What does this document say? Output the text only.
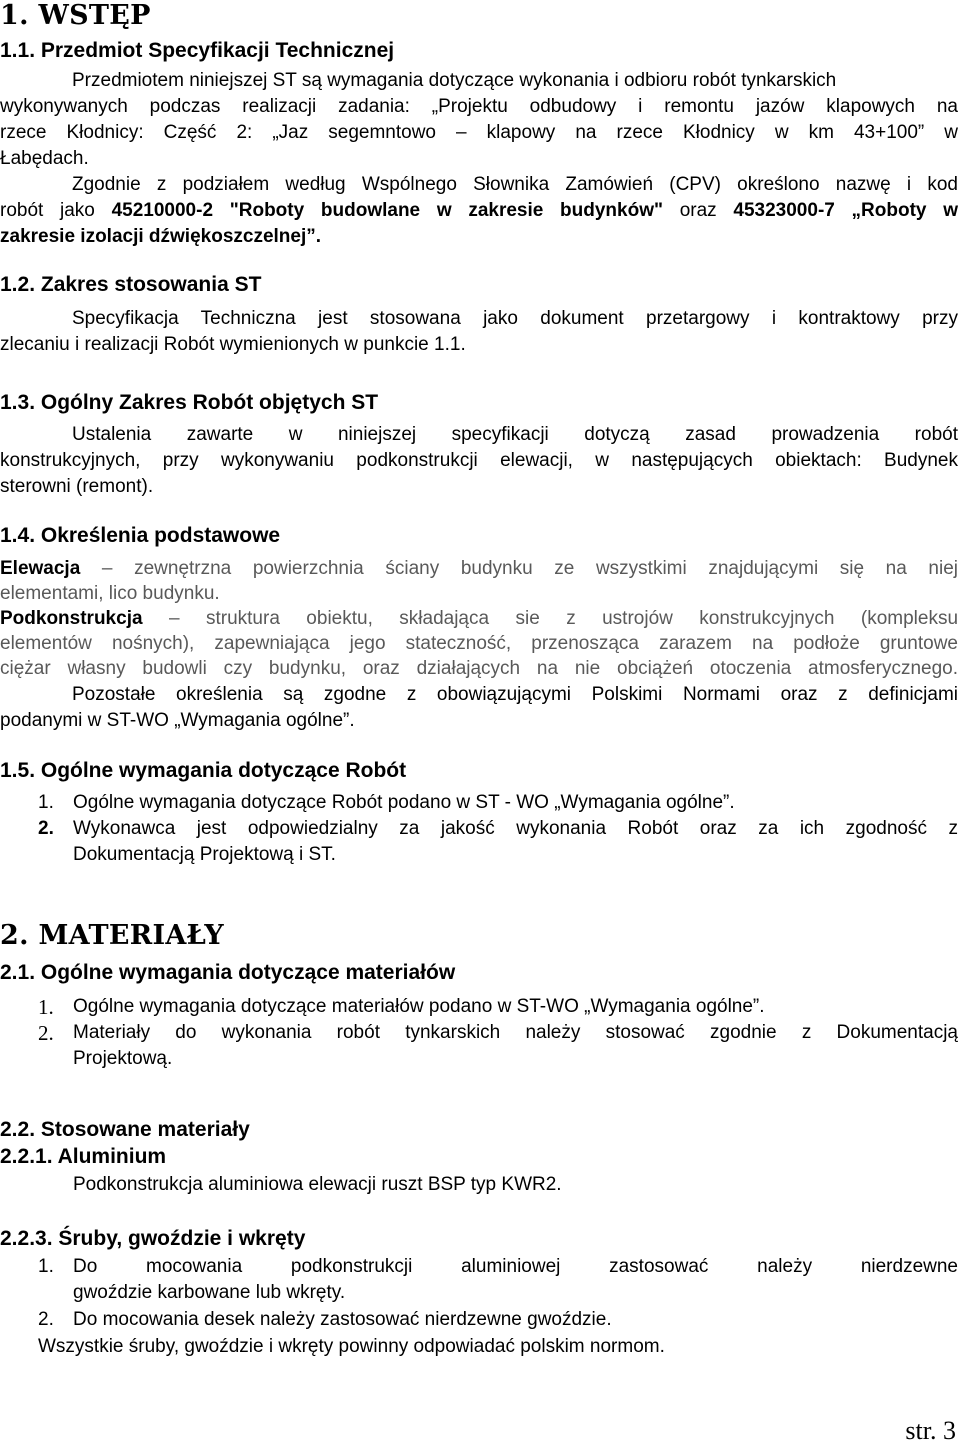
1. WSTĘP
1.1. Przedmiot Specyfikacji Technicznej
Przedmiotem niniejszej ST są wymagania dotyczące wykonania i odbioru robót tynkarskich
wykonywanych podczas realizacji zadania: „Projektu odbudowy i remontu jazów klapowych na
rzece Kłodnicy: Część 2: „Jaz segemntowo – klapowy na rzece Kłodnicy w km 43+100” w
Łabędach.
Zgodnie z podziałem według Wspólnego Słownika Zamówień (CPV) określono nazwę i kod
robót jako 45210000-2 "Roboty budowlane w zakresie budynków" oraz 45323000-7 „Roboty w
zakresie izolacji dźwiękoszczelnej”.
1.2. Zakres stosowania ST
Specyfikacja Techniczna jest stosowana jako dokument przetargowy i kontraktowy przy
zlecaniu i realizacji Robót wymienionych w punkcie 1.1.
1.3. Ogólny Zakres Robót objętych ST
Ustalenia zawarte w niniejszej specyfikacji dotyczą zasad prowadzenia robót
konstrukcyjnych, przy wykonywaniu podkonstrukcji elewacji, w następujących obiektach: Budynek
sterowni (remont).
1.4. Określenia podstawowe
Elewacja – zewnętrzna powierzchnia ściany budynku ze wszystkimi znajdującymi się na niej
elementami, lico budynku.
Podkonstrukcja – struktura obiektu, składająca sie z ustrojów konstrukcyjnych (kompleksu
elementów nośnych), zapewniająca jego stateczność, przenosząca zarazem na podłoże gruntowe
ciężar własny budowli czy budynku, oraz działających na nie obciążeń otoczenia atmosferycznego.
Pozostałe określenia są zgodne z obowiązującymi Polskimi Normami oraz z definicjami
podanymi w ST-WO „Wymagania ogólne”.
1.5. Ogólne wymagania dotyczące Robót
1. Ogólne wymagania dotyczące Robót podano w ST - WO „Wymagania ogólne”.
2. Wykonawca jest odpowiedzialny za jakość wykonania Robót oraz za ich zgodność z
Dokumentacją Projektową i ST.
2. MATERIAŁY
2.1. Ogólne wymagania dotyczące materiałów
1. Ogólne wymagania dotyczące materiałów podano w ST-WO „Wymagania ogólne”.
2. Materiały do wykonania robót tynkarskich należy stosować zgodnie z Dokumentacją
Projektową.
2.2. Stosowane materiały
2.2.1. Aluminium
Podkonstrukcja aluminiowa elewacji ruszt BSP typ KWR2.
2.2.3. Śruby, gwoździe i wkręty
1. Do mocowania podkonstrukcji aluminiowej zastosować należy nierdzewne
gwoździe karbowane lub wkręty.
2. Do mocowania desek należy zastosować nierdzewne gwoździe.
Wszystkie śruby, gwoździe i wkręty powinny odpowiadać polskim normom.
str. 3
